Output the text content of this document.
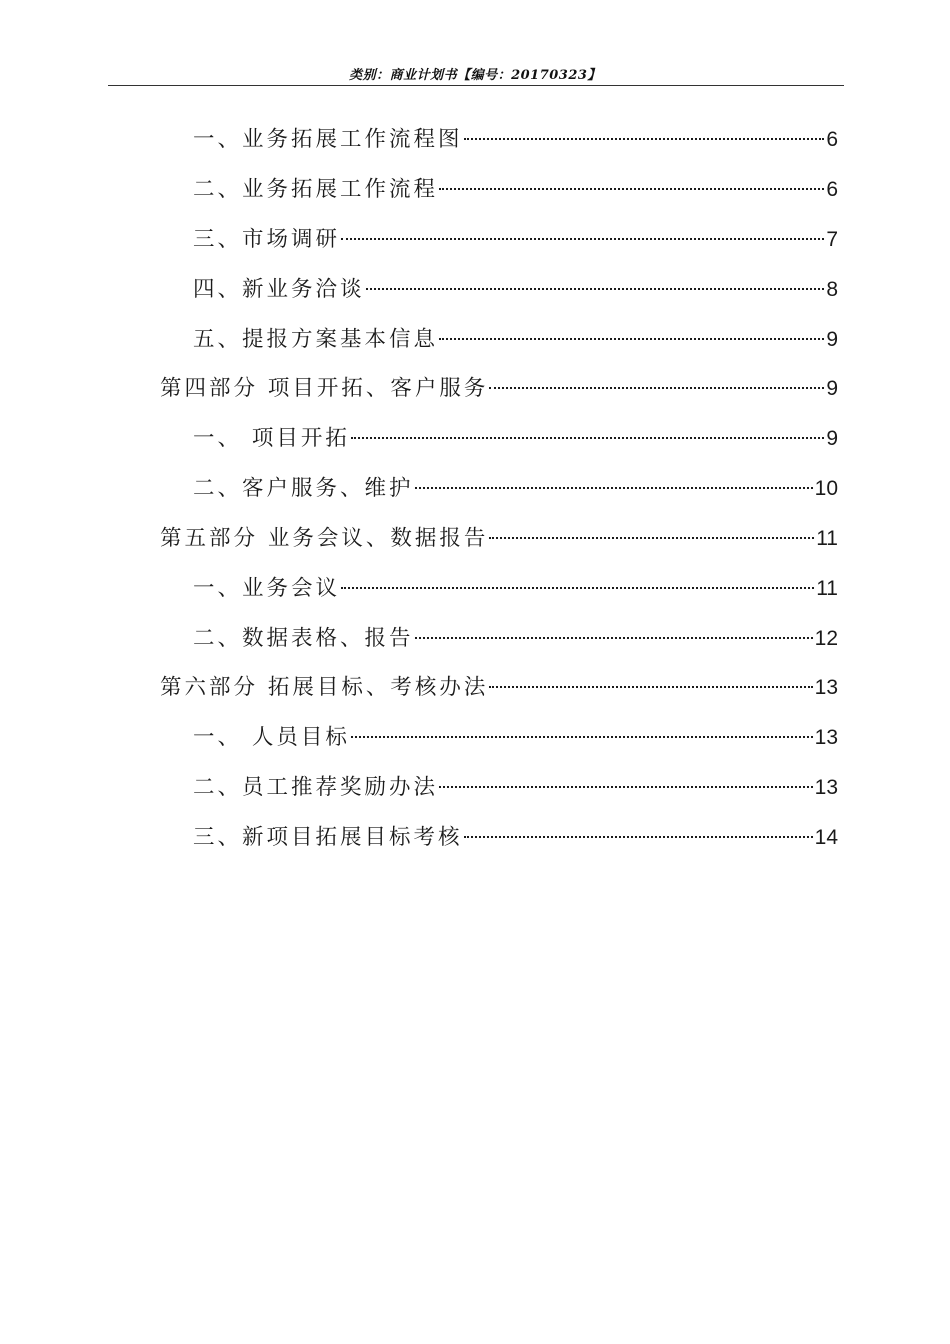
类别：商业计划书【编号：20170323】
一、业务拓展工作流程图	6
二、业务拓展工作流程	6
三、市场调研	7
四、新业务洽谈	8
五、提报方案基本信息	9
第四部分 项目开拓、客户服务	9
一、 项目开拓	9
二、客户服务、维护	10
第五部分 业务会议、数据报告	11
一、业务会议	11
二、数据表格、报告	12
第六部分 拓展目标、考核办法	13
一、 人员目标	13
二、员工推荐奖励办法	13
三、新项目拓展目标考核	14
